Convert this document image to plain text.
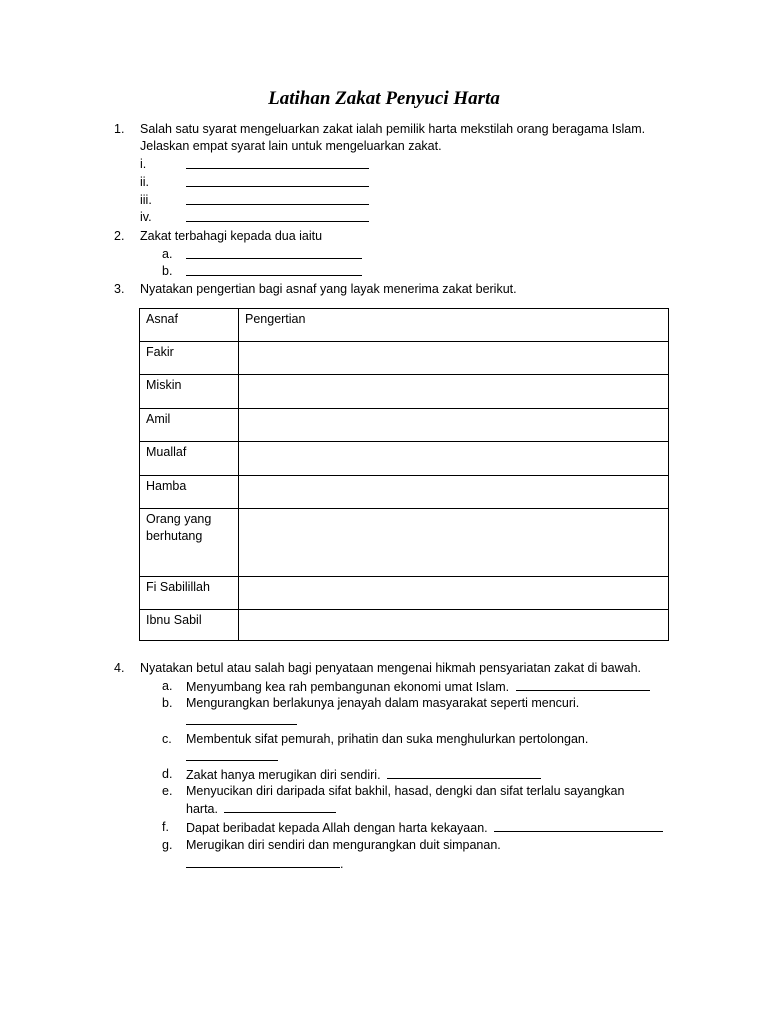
Latihan Zakat Penyuci Harta
1. Salah satu syarat mengeluarkan zakat ialah pemilik harta mekstilah orang beragama Islam.
Jelaskan empat syarat lain untuk mengeluarkan zakat.
i.
ii.
iii.
iv.
2. Zakat terbahagi kepada dua iaitu
a.
b.
3. Nyatakan pengertian bagi asnaf yang layak menerima zakat berikut.
Asnaf	Pengertian
Fakir	
Miskin	
Amil	
Muallaf	
Hamba	
Orang yang berhutang	
Fi Sabilillah	
Ibnu Sabil	
4. Nyatakan betul atau salah bagi penyataan mengenai hikmah pensyariatan zakat di bawah.
a. Menyumbang kea rah pembangunan ekonomi umat Islam.
b. Mengurangkan berlakunya jenayah dalam masyarakat seperti mencuri.
c. Membentuk sifat pemurah, prihatin dan suka menghulurkan pertolongan.
d. Zakat hanya merugikan diri sendiri.
e. Menyucikan diri daripada sifat bakhil, hasad, dengki dan sifat terlalu sayangkan
harta.
f. Dapat beribadat kepada Allah dengan harta kekayaan.
g. Merugikan diri sendiri dan mengurangkan duit simpanan.
.
